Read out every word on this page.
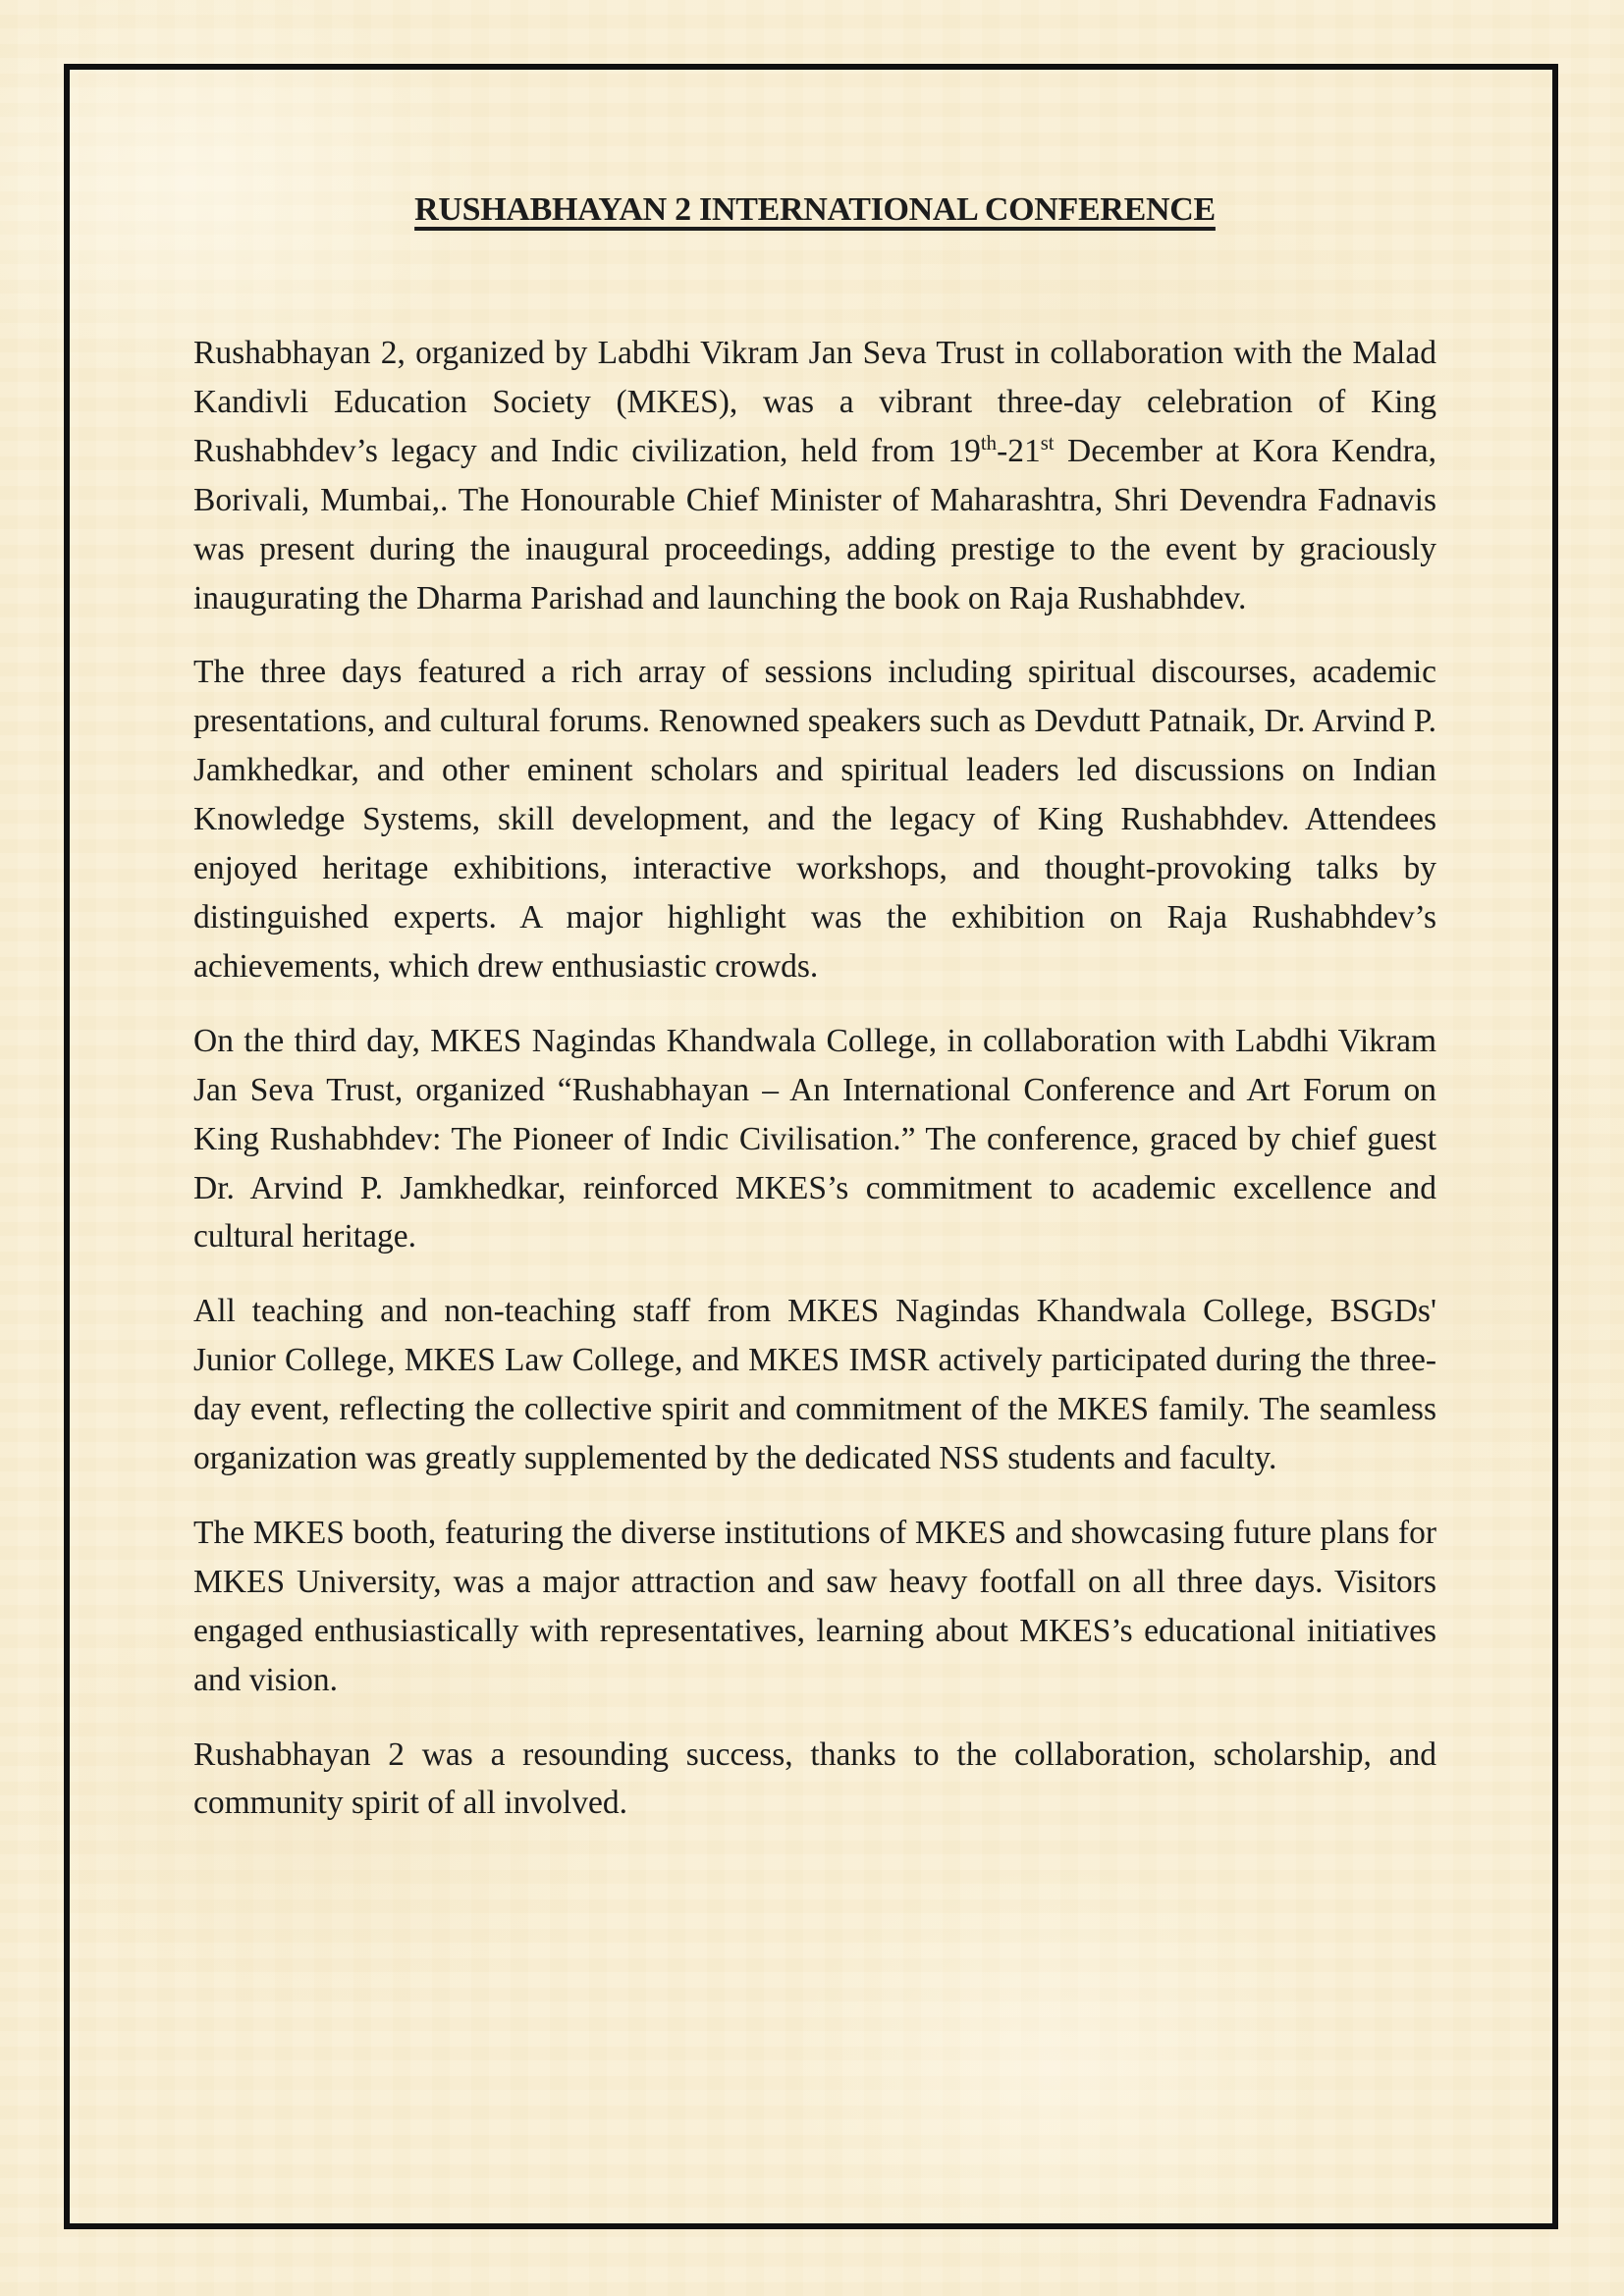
RUSHABHAYAN 2 INTERNATIONAL CONFERENCE

Rushabhayan 2, organized by Labdhi Vikram Jan Seva Trust in collaboration with the Malad Kandivli Education Society (MKES), was a vibrant three-day celebration of King Rushabhdev’s legacy and Indic civilization, held from 19th-21st December at Kora Kendra, Borivali, Mumbai,. The Honourable Chief Minister of Maharashtra, Shri Devendra Fadnavis was present during the inaugural proceedings, adding prestige to the event by graciously inaugurating the Dharma Parishad and launching the book on Raja Rushabhdev.

The three days featured a rich array of sessions including spiritual discourses, academic presentations, and cultural forums. Renowned speakers such as Devdutt Patnaik, Dr. Arvind P. Jamkhedkar, and other eminent scholars and spiritual leaders led discussions on Indian Knowledge Systems, skill development, and the legacy of King Rushabhdev. Attendees enjoyed heritage exhibitions, interactive workshops, and thought-provoking talks by distinguished experts. A major highlight was the exhibition on Raja Rushabhdev’s achievements, which drew enthusiastic crowds.

On the third day, MKES Nagindas Khandwala College, in collaboration with Labdhi Vikram Jan Seva Trust, organized “Rushabhayan – An International Conference and Art Forum on King Rushabhdev: The Pioneer of Indic Civilisation.” The conference, graced by chief guest Dr. Arvind P. Jamkhedkar, reinforced MKES’s commitment to academic excellence and cultural heritage.

All teaching and non-teaching staff from MKES Nagindas Khandwala College, BSGDs' Junior College, MKES Law College, and MKES IMSR actively participated during the three-day event, reflecting the collective spirit and commitment of the MKES family. The seamless organization was greatly supplemented by the dedicated NSS students and faculty.

The MKES booth, featuring the diverse institutions of MKES and showcasing future plans for MKES University, was a major attraction and saw heavy footfall on all three days. Visitors engaged enthusiastically with representatives, learning about MKES’s educational initiatives and vision.

Rushabhayan 2 was a resounding success, thanks to the collaboration, scholarship, and community spirit of all involved.
